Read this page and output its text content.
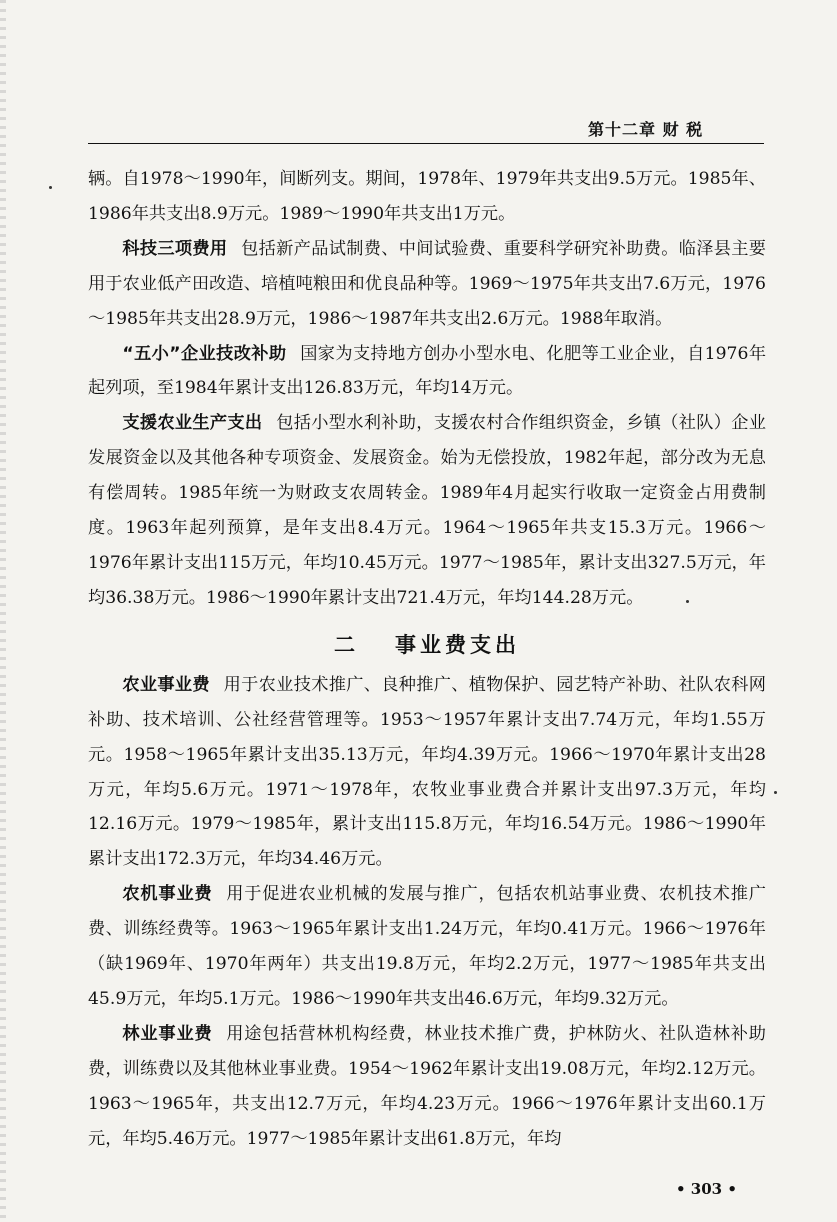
第十二章 财 税

辆。自1978～1990年，间断列支。期间，1978年、1979年共支出9.5万元。1985年、1986年共支出8.9万元。1989～1990年共支出1万元。

科技三项费用 包括新产品试制费、中间试验费、重要科学研究补助费。临泽县主要用于农业低产田改造、培植吨粮田和优良品种等。1969～1975年共支出7.6万元，1976～1985年共支出28.9万元，1986～1987年共支出2.6万元。1988年取消。

“五小”企业技改补助 国家为支持地方创办小型水电、化肥等工业企业，自1976年起列项，至1984年累计支出126.83万元，年均14万元。

支援农业生产支出 包括小型水利补助，支援农村合作组织资金，乡镇（社队）企业发展资金以及其他各种专项资金、发展资金。始为无偿投放，1982年起，部分改为无息有偿周转。1985年统一为财政支农周转金。1989年4月起实行收取一定资金占用费制度。1963年起列预算，是年支出8.4万元。1964～1965年共支15.3万元。1966～1976年累计支出115万元，年均10.45万元。1977～1985年，累计支出327.5万元，年均36.38万元。1986～1990年累计支出721.4万元，年均144.28万元。

二 事业费支出

农业事业费 用于农业技术推广、良种推广、植物保护、园艺特产补助、社队农科网补助、技术培训、公社经营管理等。1953～1957年累计支出7.74万元，年均1.55万元。1958～1965年累计支出35.13万元，年均4.39万元。1966～1970年累计支出28万元，年均5.6万元。1971～1978年，农牧业事业费合并累计支出97.3万元，年均12.16万元。1979～1985年，累计支出115.8万元，年均16.54万元。1986～1990年累计支出172.3万元，年均34.46万元。

农机事业费 用于促进农业机械的发展与推广，包括农机站事业费、农机技术推广费、训练经费等。1963～1965年累计支出1.24万元，年均0.41万元。1966～1976年（缺1969年、1970年两年）共支出19.8万元，年均2.2万元，1977～1985年共支出45.9万元，年均5.1万元。1986～1990年共支出46.6万元，年均9.32万元。

林业事业费 用途包括营林机构经费，林业技术推广费，护林防火、社队造林补助费，训练费以及其他林业事业费。1954～1962年累计支出19.08万元，年均2.12万元。1963～1965年，共支出12.7万元，年均4.23万元。1966～1976年累计支出60.1万元，年均5.46万元。1977～1985年累计支出61.8万元，年均

• 303 •
